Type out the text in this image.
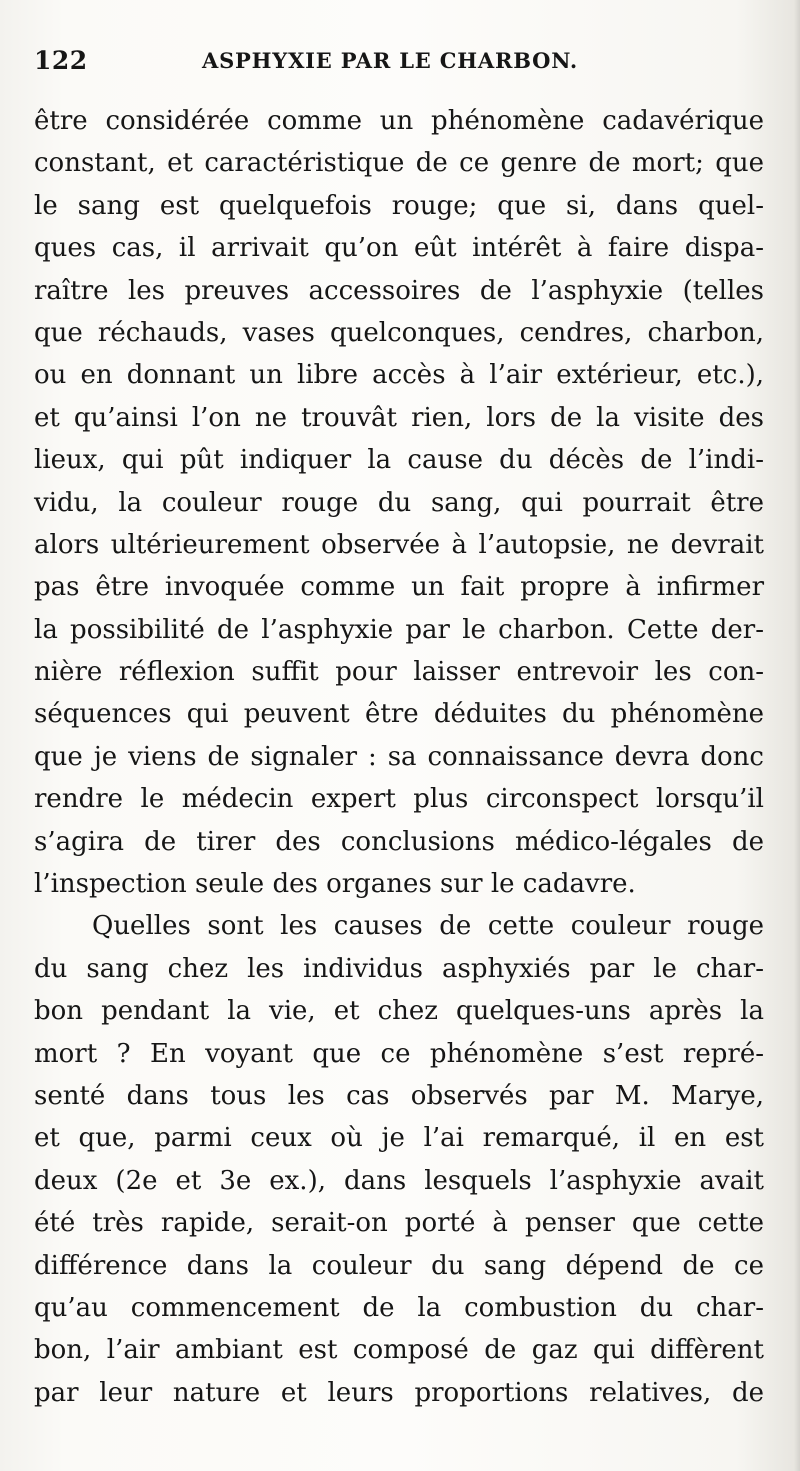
122	ASPHYXIE PAR LE CHARBON.
être considérée comme un phénomène cadavérique
constant, et caractéristique de ce genre de mort; que
le sang est quelquefois rouge; que si, dans quel-
ques cas, il arrivait qu’on eût intérêt à faire dispa-
raître les preuves accessoires de l’asphyxie (telles
que réchauds, vases quelconques, cendres, charbon,
ou en donnant un libre accès à l’air extérieur, etc.),
et qu’ainsi l’on ne trouvât rien, lors de la visite des
lieux, qui pût indiquer la cause du décès de l’indi-
vidu, la couleur rouge du sang, qui pourrait être
alors ultérieurement observée à l’autopsie, ne devrait
pas être invoquée comme un fait propre à infirmer
la possibilité de l’asphyxie par le charbon. Cette der-
nière réflexion suffit pour laisser entrevoir les con-
séquences qui peuvent être déduites du phénomène
que je viens de signaler : sa connaissance devra donc
rendre le médecin expert plus circonspect lorsqu’il
s’agira de tirer des conclusions médico-légales de
l’inspection seule des organes sur le cadavre.
Quelles sont les causes de cette couleur rouge
du sang chez les individus asphyxiés par le char-
bon pendant la vie, et chez quelques-uns après la
mort ? En voyant que ce phénomène s’est repré-
senté dans tous les cas observés par M. Marye,
et que, parmi ceux où je l’ai remarqué, il en est
deux (2e et 3e ex.), dans lesquels l’asphyxie avait
été très rapide, serait-on porté à penser que cette
différence dans la couleur du sang dépend de ce
qu’au commencement de la combustion du char-
bon, l’air ambiant est composé de gaz qui diffèrent
par leur nature et leurs proportions relatives, de
